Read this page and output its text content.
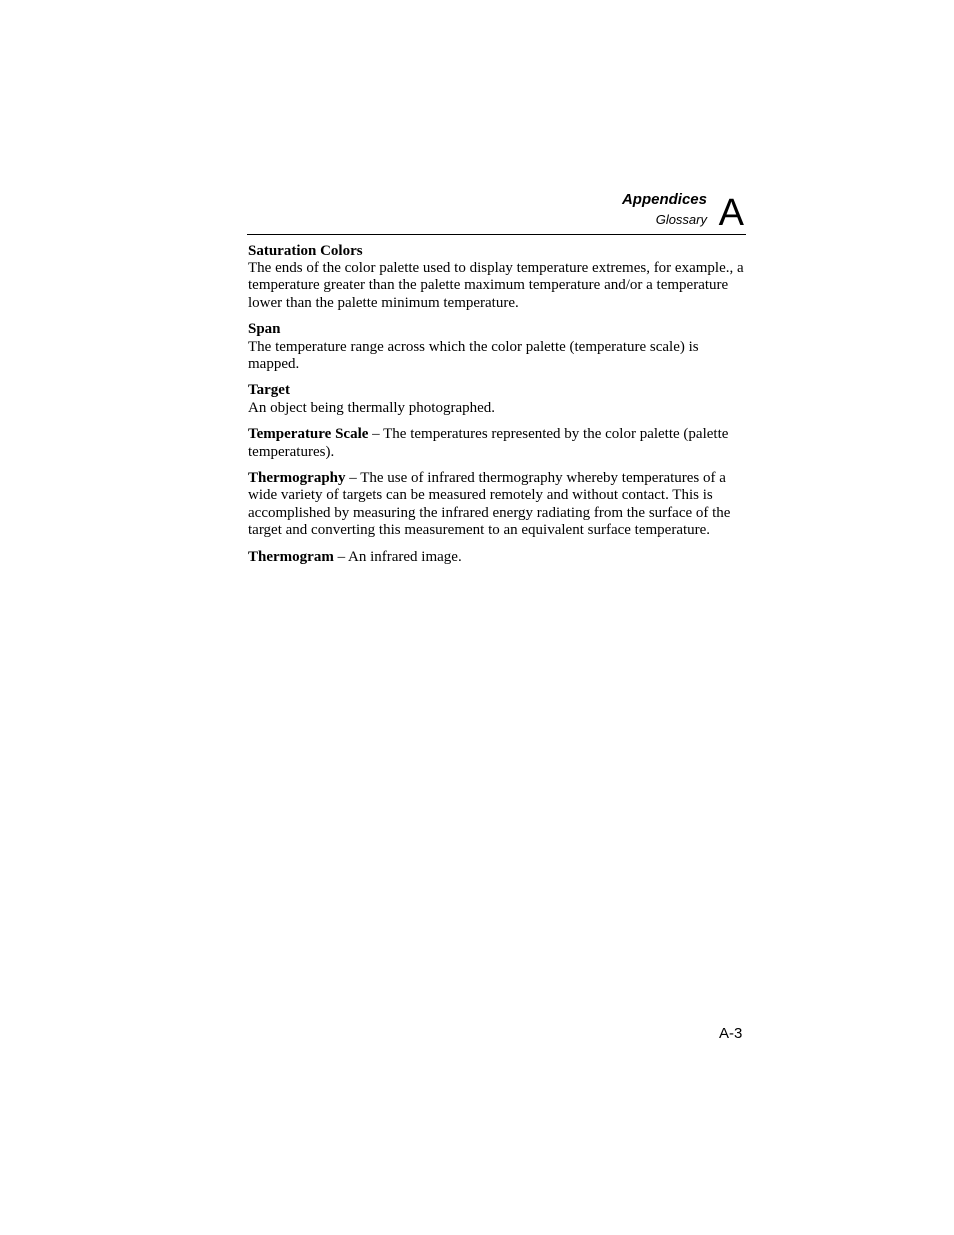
Appendices
Glossary A
Saturation Colors
The ends of the color palette used to display temperature extremes, for example., a temperature greater than the palette maximum temperature and/or a temperature lower than the palette minimum temperature.
Span
The temperature range across which the color palette (temperature scale) is mapped.
Target
An object being thermally photographed.
Temperature Scale – The temperatures represented by the color palette (palette temperatures).
Thermography – The use of infrared thermography whereby temperatures of a wide variety of targets can be measured remotely and without contact. This is accomplished by measuring the infrared energy radiating from the surface of the target and converting this measurement to an equivalent surface temperature.
Thermogram – An infrared image.
A-3
